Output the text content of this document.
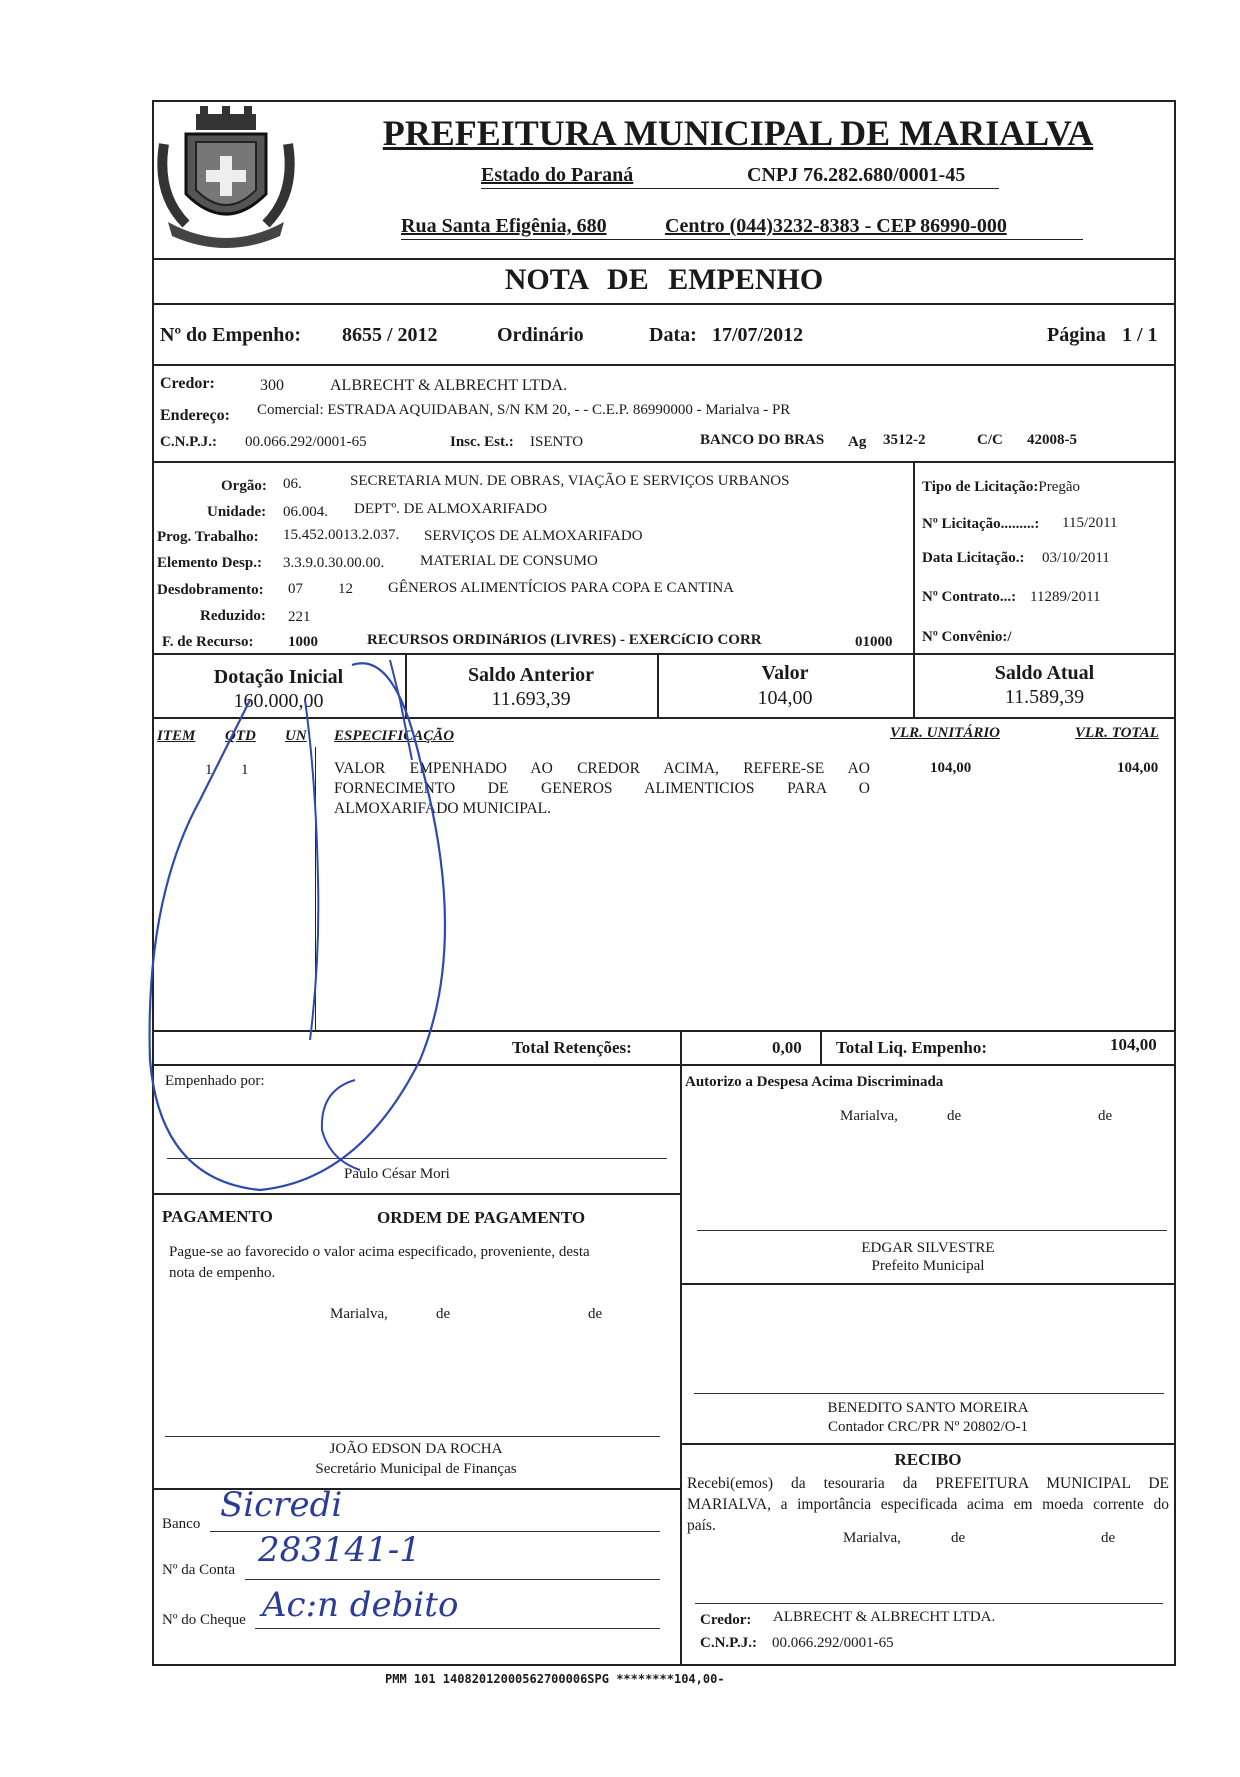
PREFEITURA MUNICIPAL DE MARIALVA
Estado do Paraná	CNPJ 76.282.680/0001-45
Rua Santa Efigênia, 680	Centro (044)3232-8383 - CEP 86990-000
NOTA DE EMPENHO
Nº do Empenho: 8655 / 2012	Ordinário	Data: 17/07/2012	Página 1 / 1
Credor:	300	ALBRECHT & ALBRECHT LTDA.
Endereço: Comercial: ESTRADA AQUIDABAN, S/N KM 20, - - C.E.P. 86990000 - Marialva - PR
C.N.P.J.: 00.066.292/0001-65	Insc. Est.: ISENTO	BANCO DO BRAS Ag 3512-2	C/C 42008-5
Orgão: 06.	SECRETARIA MUN. DE OBRAS, VIAÇÃO E SERVIÇOS URBANOS
Unidade: 06.004. DEPTº. DE ALMOXARIFADO
Prog. Trabalho: 15.452.0013.2.037. SERVIÇOS DE ALMOXARIFADO
Elemento Desp.: 3.3.9.0.30.00.00. MATERIAL DE CONSUMO
Desdobramento: 07 12 GÊNEROS ALIMENTÍCIOS PARA COPA E CANTINA
Reduzido: 221
F. de Recurso: 1000	RECURSOS ORDINáRIOS (LIVRES) - EXERCíCIO CORR	01000
Tipo de Licitação:Pregão
Nº Licitação.........: 115/2011
Data Licitação.: 03/10/2011
Nº Contrato...: 11289/2011
Nº Convênio:/
Dotação Inicial
160.000,00
Saldo Anterior
11.693,39
Valor
104,00
Saldo Atual
11.589,39
ITEM QTD UN ESPECIFICAÇÃO	VLR. UNITÁRIO	VLR. TOTAL
1 1	VALOR EMPENHADO AO CREDOR ACIMA, REFERE-SE AO
FORNECIMENTO DE GENEROS ALIMENTICIOS PARA O
ALMOXARIFADO MUNICIPAL.
104,00	104,00
Total Retenções:	0,00 Total Liq. Empenho:	104,00
Empenhado por:
Paulo César Mori
Autorizo a Despesa Acima Discriminada
Marialva,	de	de
EDGAR SILVESTRE
Prefeito Municipal
BENEDITO SANTO MOREIRA
Contador CRC/PR Nº 20802/O-1
PAGAMENTO	ORDEM DE PAGAMENTO
Pague-se ao favorecido o valor acima especificado, proveniente, desta
nota de empenho.
Marialva,	de	de
JOÃO EDSON DA ROCHA
Secretário Municipal de Finanças
Banco Sicredi
Nº da Conta 283141-1
Nº do Cheque Ac:n debito
RECIBO
Recebi(emos) da tesouraria da PREFEITURA MUNICIPAL DE
MARIALVA, a importância especificada acima em moeda corrente do
país.
Marialva,	de	de
Credor: ALBRECHT & ALBRECHT LTDA.
C.N.P.J.: 00.066.292/0001-65
PMM 101 14082012000562700006SPG ********104,00-
